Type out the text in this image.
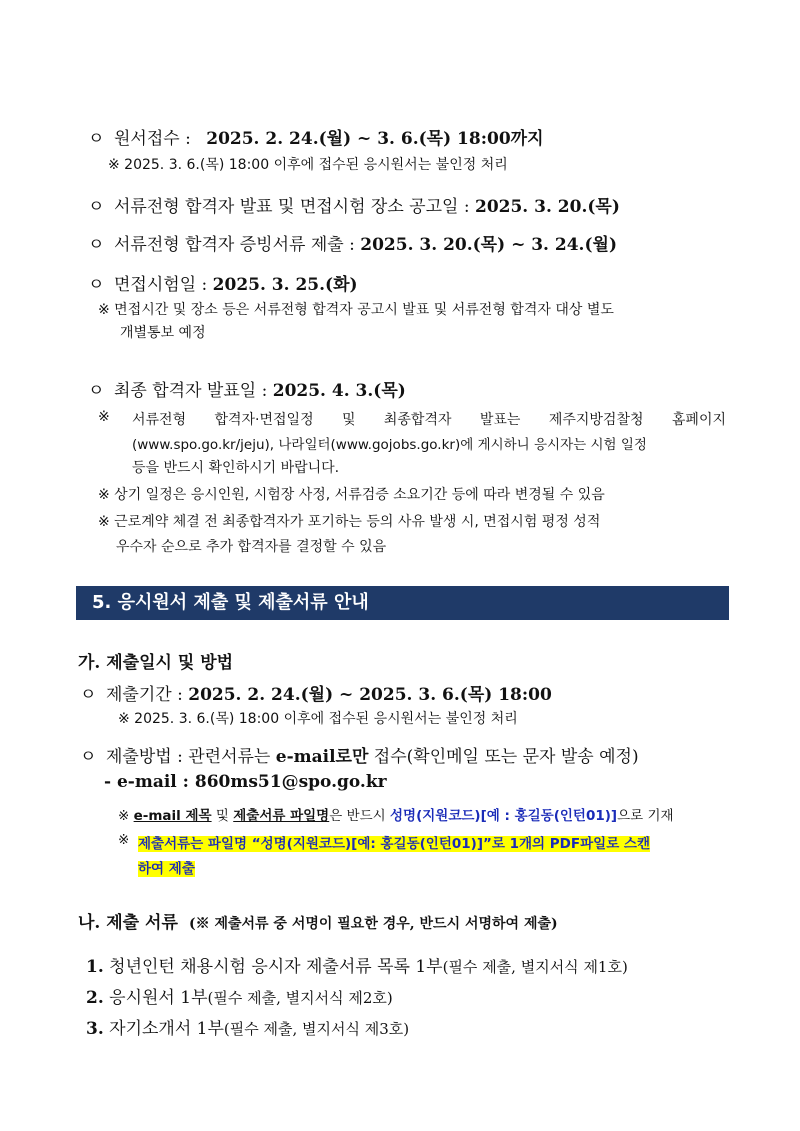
ㅇ 원서접수 : 2025. 2. 24.(월) ~ 3. 6.(목) 18:00까지
※ 2025. 3. 6.(목) 18:00 이후에 접수된 응시원서는 불인정 처리
ㅇ 서류전형 합격자 발표 및 면접시험 장소 공고일 : 2025. 3. 20.(목)
ㅇ 서류전형 합격자 증빙서류 제출 : 2025. 3. 20.(목) ~ 3. 24.(월)
ㅇ 면접시험일 : 2025. 3. 25.(화)
※ 면접시간 및 장소 등은 서류전형 합격자 공고시 발표 및 서류전형 합격자 대상 별도
개별통보 예정
ㅇ 최종 합격자 발표일 : 2025. 4. 3.(목)
※ 서류전형 합격자·면접일정 및 최종합격자 발표는 제주지방검찰청 홈페이지
(www.spo.go.kr/jeju), 나라일터(www.gojobs.go.kr)에 게시하니 응시자는 시험 일정
등을 반드시 확인하시기 바랍니다.
※ 상기 일정은 응시인원, 시험장 사정, 서류검증 소요기간 등에 따라 변경될 수 있음
※ 근로계약 체결 전 최종합격자가 포기하는 등의 사유 발생 시, 면접시험 평정 성적
우수자 순으로 추가 합격자를 결정할 수 있음
5. 응시원서 제출 및 제출서류 안내
가. 제출일시 및 방법
ㅇ 제출기간 : 2025. 2. 24.(월) ~ 2025. 3. 6.(목) 18:00
※ 2025. 3. 6.(목) 18:00 이후에 접수된 응시원서는 불인정 처리
ㅇ 제출방법 : 관련서류는 e-mail로만 접수(확인메일 또는 문자 발송 예정)
- e-mail : 860ms51@spo.go.kr
※ e-mail 제목 및 제출서류 파일명은 반드시 성명(지원코드)[예 : 홍길동(인턴01)]으로 기재
※ 제출서류는 파일명 “성명(지원코드)[예: 홍길동(인턴01)]”로 1개의 PDF파일로 스캔
하여 제출
나. 제출 서류 (※ 제출서류 중 서명이 필요한 경우, 반드시 서명하여 제출)
1. 청년인턴 채용시험 응시자 제출서류 목록 1부(필수 제출, 별지서식 제1호)
2. 응시원서 1부(필수 제출, 별지서식 제2호)
3. 자기소개서 1부(필수 제출, 별지서식 제3호)
